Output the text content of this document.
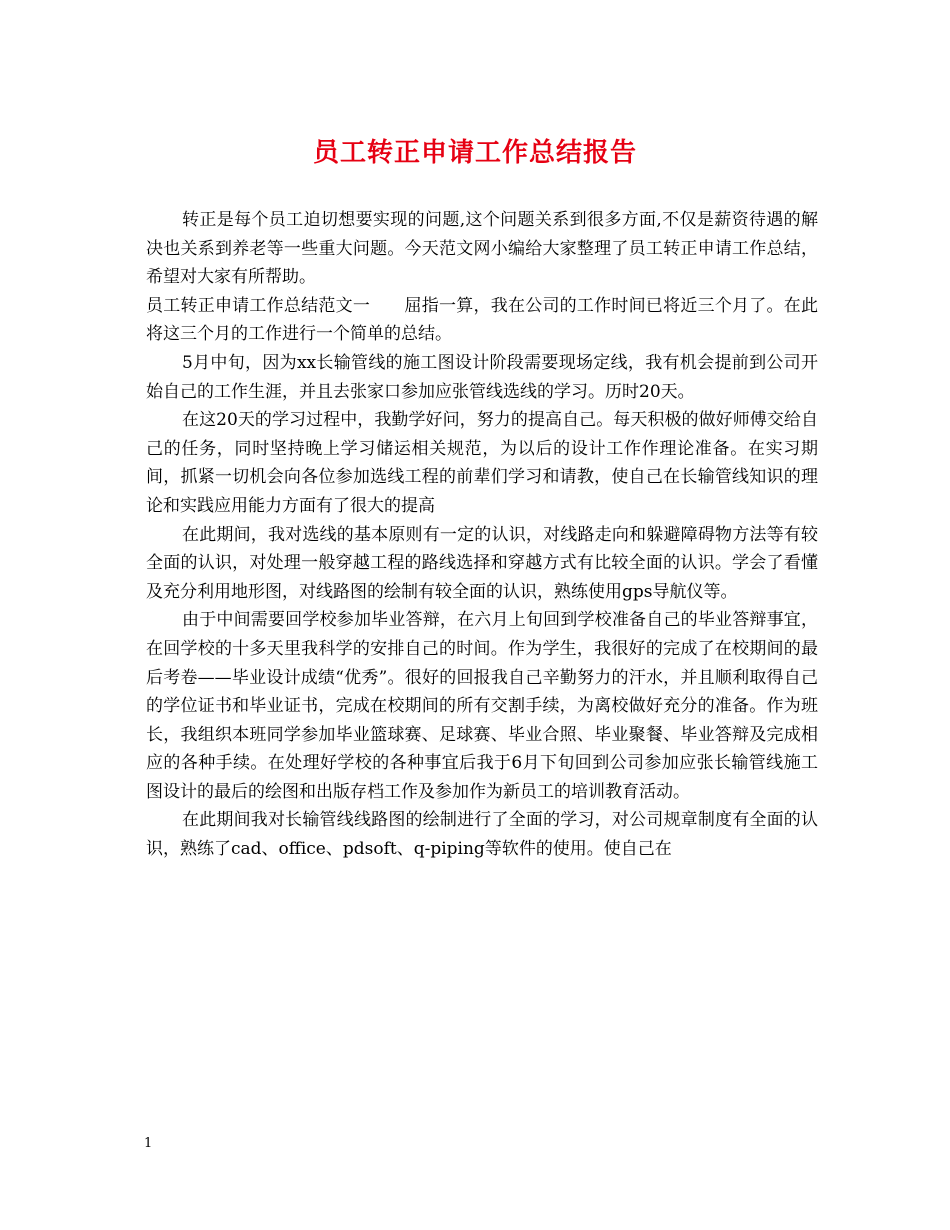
员工转正申请工作总结报告

转正是每个员工迫切想要实现的问题,这个问题关系到很多方面,不仅是薪资待遇的解决也关系到养老等一些重大问题。今天范文网小编给大家整理了员工转正申请工作总结，希望对大家有所帮助。

员工转正申请工作总结范文一　　屈指一算，我在公司的工作时间已将近三个月了。在此将这三个月的工作进行一个简单的总结。

5月中旬，因为xx长输管线的施工图设计阶段需要现场定线，我有机会提前到公司开始自己的工作生涯，并且去张家口参加应张管线选线的学习。历时20天。

在这20天的学习过程中，我勤学好问，努力的提高自己。每天积极的做好师傅交给自己的任务，同时坚持晚上学习储运相关规范，为以后的设计工作作理论准备。在实习期间，抓紧一切机会向各位参加选线工程的前辈们学习和请教，使自己在长输管线知识的理论和实践应用能力方面有了很大的提高

在此期间，我对选线的基本原则有一定的认识，对线路走向和躲避障碍物方法等有较全面的认识，对处理一般穿越工程的路线选择和穿越方式有比较全面的认识。学会了看懂及充分利用地形图，对线路图的绘制有较全面的认识，熟练使用gps导航仪等。

由于中间需要回学校参加毕业答辩，在六月上旬回到学校准备自己的毕业答辩事宜，在回学校的十多天里我科学的安排自己的时间。作为学生，我很好的完成了在校期间的最后考卷——毕业设计成绩“优秀”。很好的回报我自己辛勤努力的汗水，并且顺利取得自己的学位证书和毕业证书，完成在校期间的所有交割手续，为离校做好充分的准备。作为班长，我组织本班同学参加毕业篮球赛、足球赛、毕业合照、毕业聚餐、毕业答辩及完成相应的各种手续。在处理好学校的各种事宜后我于6月下旬回到公司参加应张长输管线施工图设计的最后的绘图和出版存档工作及参加作为新员工的培训教育活动。

在此期间我对长输管线线路图的绘制进行了全面的学习，对公司规章制度有全面的认识，熟练了cad、office、pdsoft、q-piping等软件的使用。使自己在

1
